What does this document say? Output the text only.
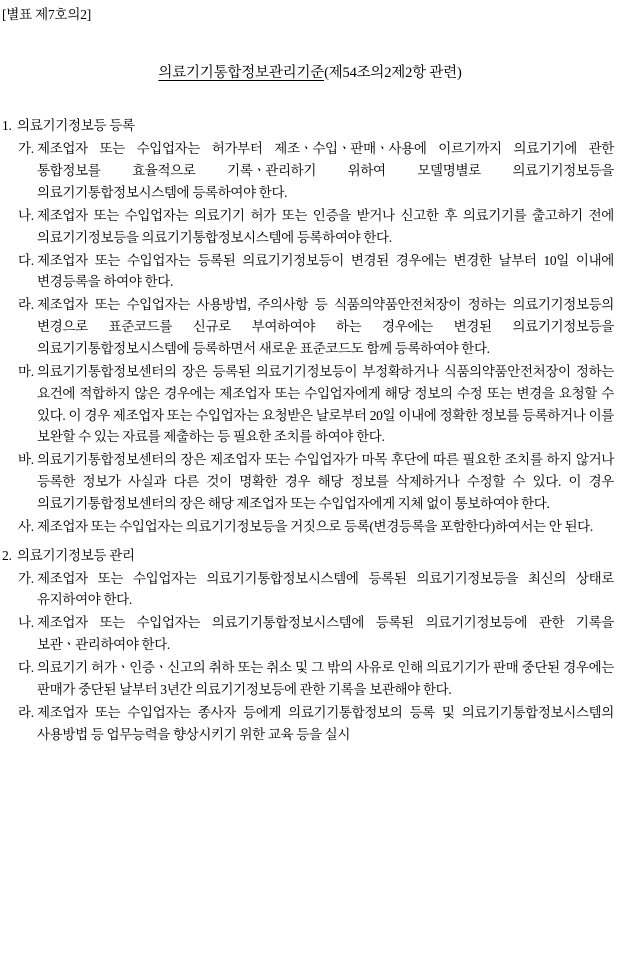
[별표 제7호의2]
의료기기통합정보관리기준(제54조의2제2항 관련)
1. 의료기기정보등 등록
가. 제조업자 또는 수입업자는 허가부터 제조ㆍ수입ㆍ판매ㆍ사용에 이르기까지 의료기기에 관한 통합정보를 효율적으로 기록ㆍ관리하기 위하여 모델명별로 의료기기정보등을 의료기기통합정보시스템에 등록하여야 한다.
나. 제조업자 또는 수입업자는 의료기기 허가 또는 인증을 받거나 신고한 후 의료기기를 출고하기 전에 의료기기정보등을 의료기기통합정보시스템에 등록하여야 한다.
다. 제조업자 또는 수입업자는 등록된 의료기기정보등이 변경된 경우에는 변경한 날부터 10일 이내에 변경등록을 하여야 한다.
라. 제조업자 또는 수입업자는 사용방법, 주의사항 등 식품의약품안전처장이 정하는 의료기기정보등의 변경으로 표준코드를 신규로 부여하여야 하는 경우에는 변경된 의료기기정보등을 의료기기통합정보시스템에 등록하면서 새로운 표준코드도 함께 등록하여야 한다.
마. 의료기기통합정보센터의 장은 등록된 의료기기정보등이 부정확하거나 식품의약품안전처장이 정하는 요건에 적합하지 않은 경우에는 제조업자 또는 수입업자에게 해당 정보의 수정 또는 변경을 요청할 수 있다. 이 경우 제조업자 또는 수입업자는 요청받은 날로부터 20일 이내에 정확한 정보를 등록하거나 이를 보완할 수 있는 자료를 제출하는 등 필요한 조치를 하여야 한다.
바. 의료기기통합정보센터의 장은 제조업자 또는 수입업자가 마목 후단에 따른 필요한 조치를 하지 않거나 등록한 정보가 사실과 다른 것이 명확한 경우 해당 정보를 삭제하거나 수정할 수 있다. 이 경우 의료기기통합정보센터의 장은 해당 제조업자 또는 수입업자에게 지체 없이 통보하여야 한다.
사. 제조업자 또는 수입업자는 의료기기정보등을 거짓으로 등록(변경등록을 포함한다)하여서는 안 된다.
2. 의료기기정보등 관리
가. 제조업자 또는 수입업자는 의료기기통합정보시스템에 등록된 의료기기정보등을 최신의 상태로 유지하여야 한다.
나. 제조업자 또는 수입업자는 의료기기통합정보시스템에 등록된 의료기기정보등에 관한 기록을 보관ㆍ관리하여야 한다.
다. 의료기기 허가ㆍ인증ㆍ신고의 취하 또는 취소 및 그 밖의 사유로 인해 의료기기가 판매 중단된 경우에는 판매가 중단된 날부터 3년간 의료기기정보등에 관한 기록을 보관해야 한다.
라. 제조업자 또는 수입업자는 종사자 등에게 의료기기통합정보의 등록 및 의료기기통합정보시스템의 사용방법 등 업무능력을 향상시키기 위한 교육 등을 실시
